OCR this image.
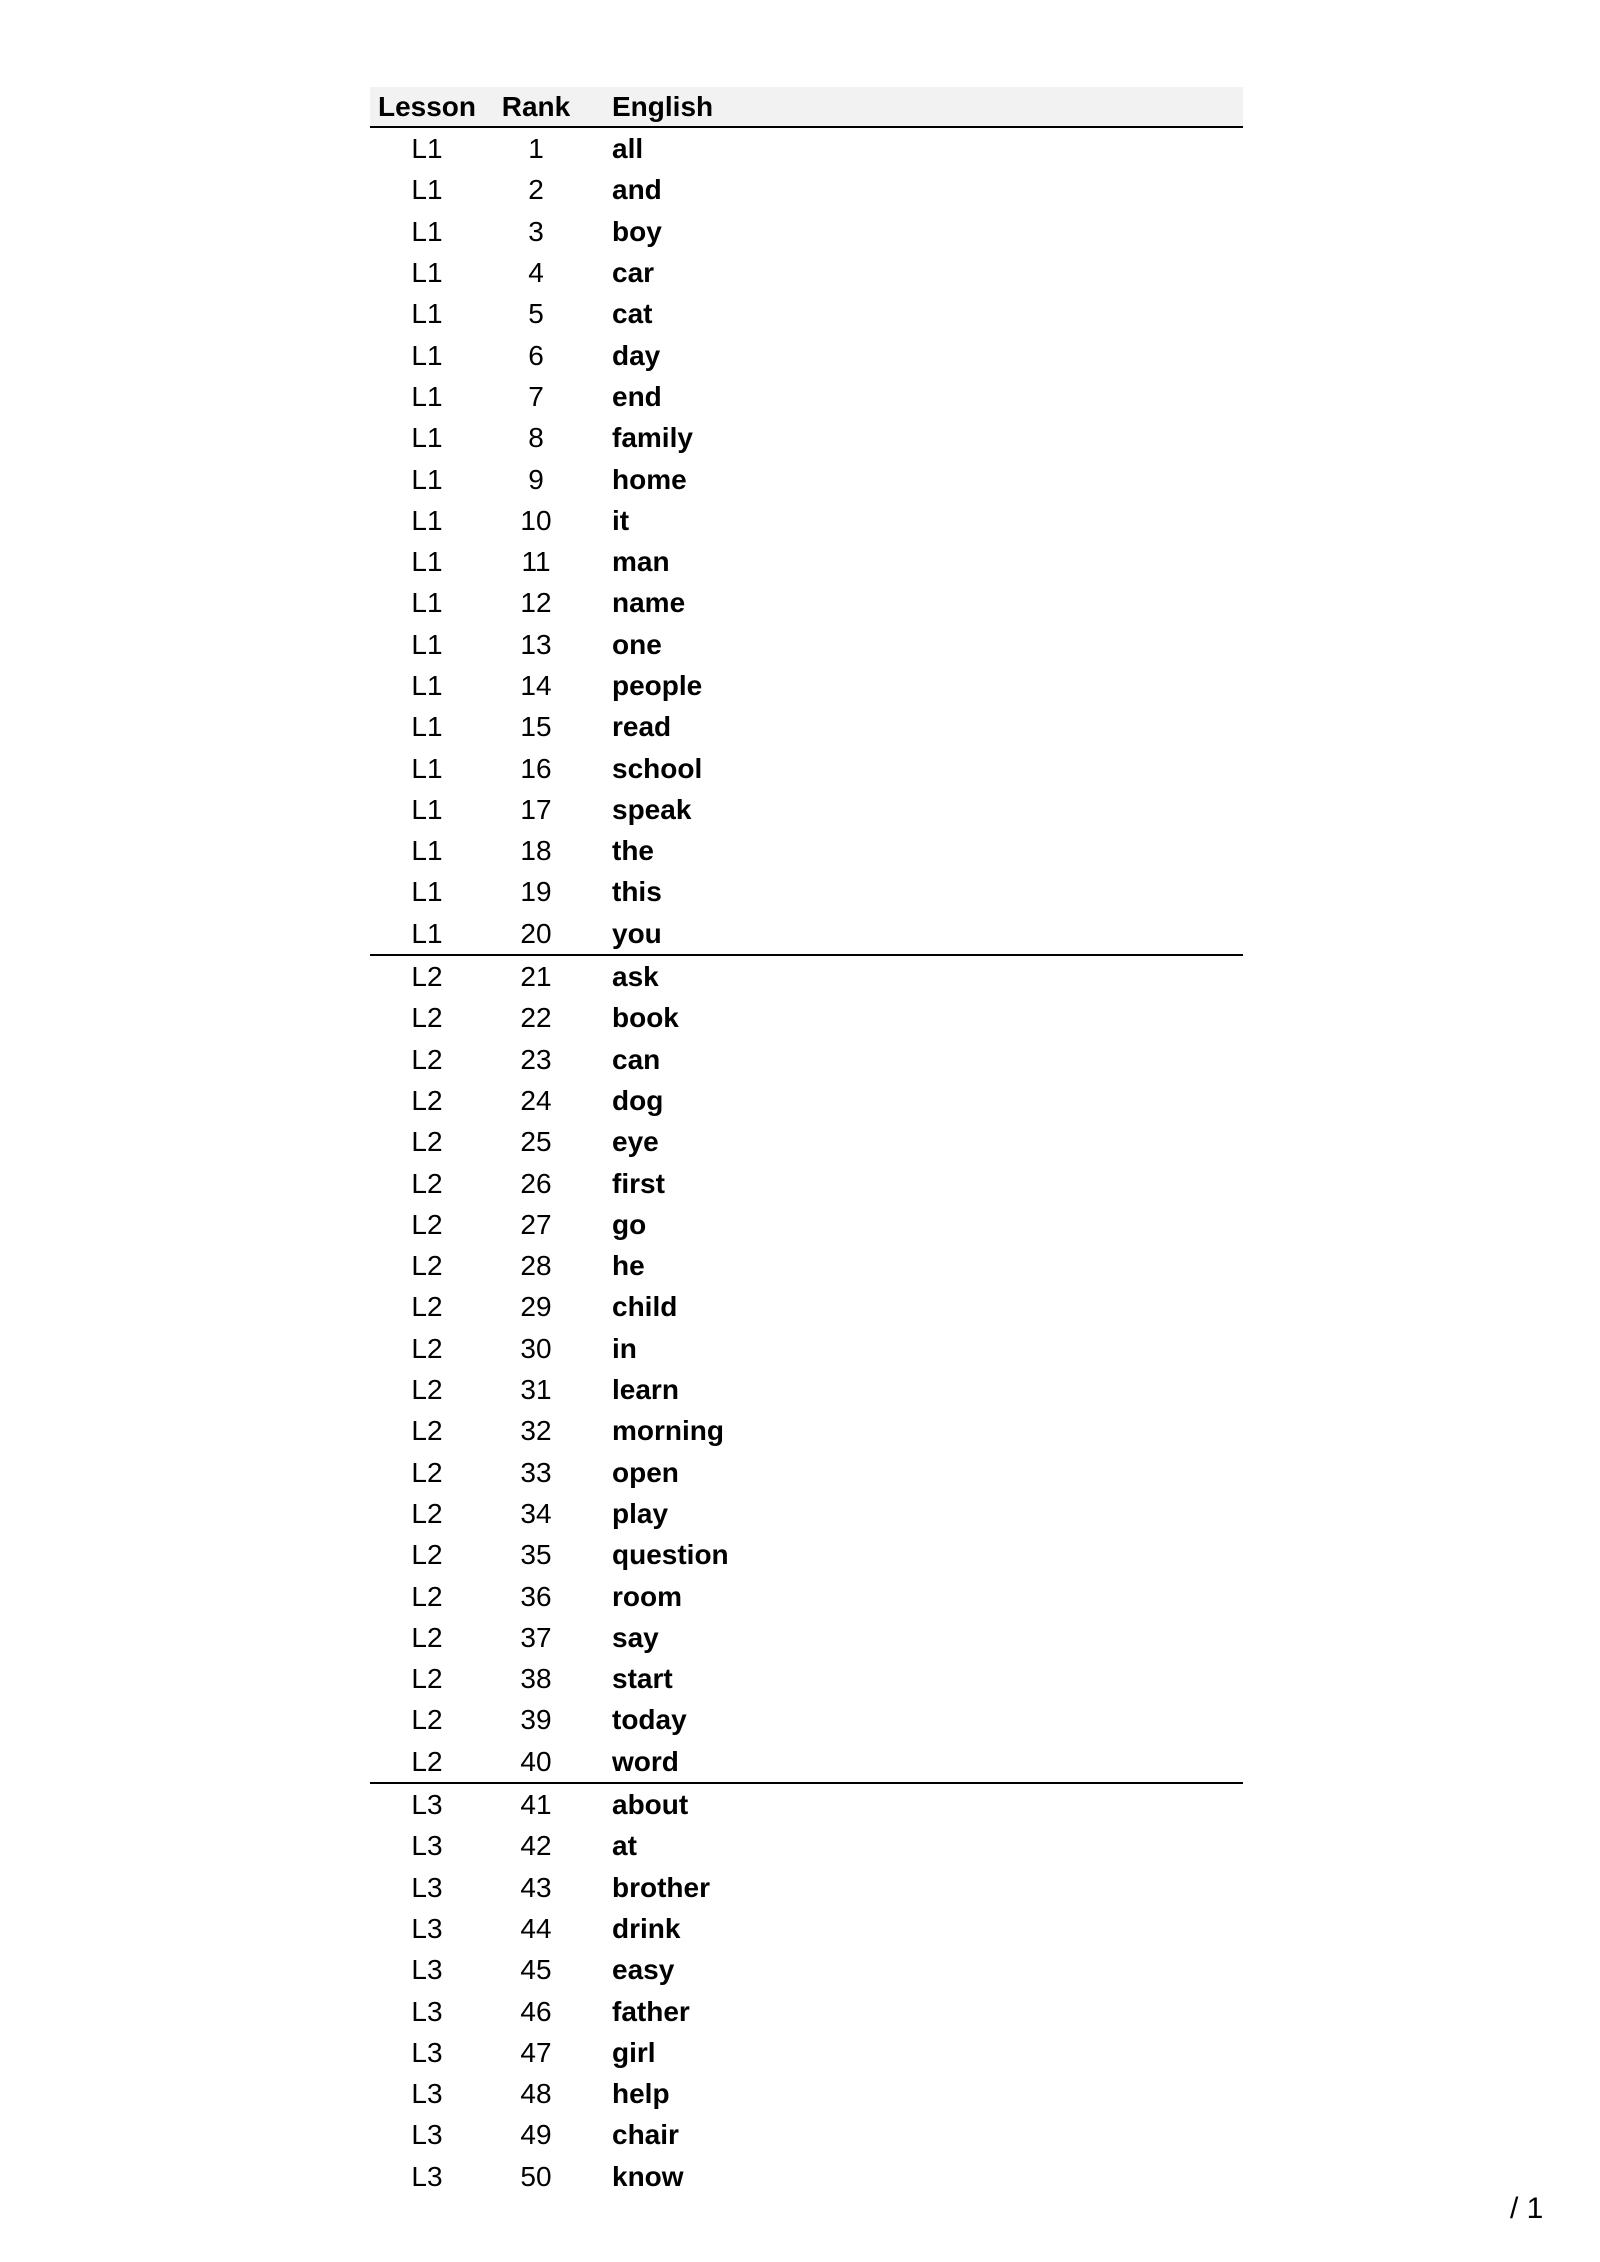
Lesson	Rank	English
L1	1	all
L1	2	and
L1	3	boy
L1	4	car
L1	5	cat
L1	6	day
L1	7	end
L1	8	family
L1	9	home
L1	10	it
L1	11	man
L1	12	name
L1	13	one
L1	14	people
L1	15	read
L1	16	school
L1	17	speak
L1	18	the
L1	19	this
L1	20	you
L2	21	ask
L2	22	book
L2	23	can
L2	24	dog
L2	25	eye
L2	26	first
L2	27	go
L2	28	he
L2	29	child
L2	30	in
L2	31	learn
L2	32	morning
L2	33	open
L2	34	play
L2	35	question
L2	36	room
L2	37	say
L2	38	start
L2	39	today
L2	40	word
L3	41	about
L3	42	at
L3	43	brother
L3	44	drink
L3	45	easy
L3	46	father
L3	47	girl
L3	48	help
L3	49	chair
L3	50	know
/ 1
